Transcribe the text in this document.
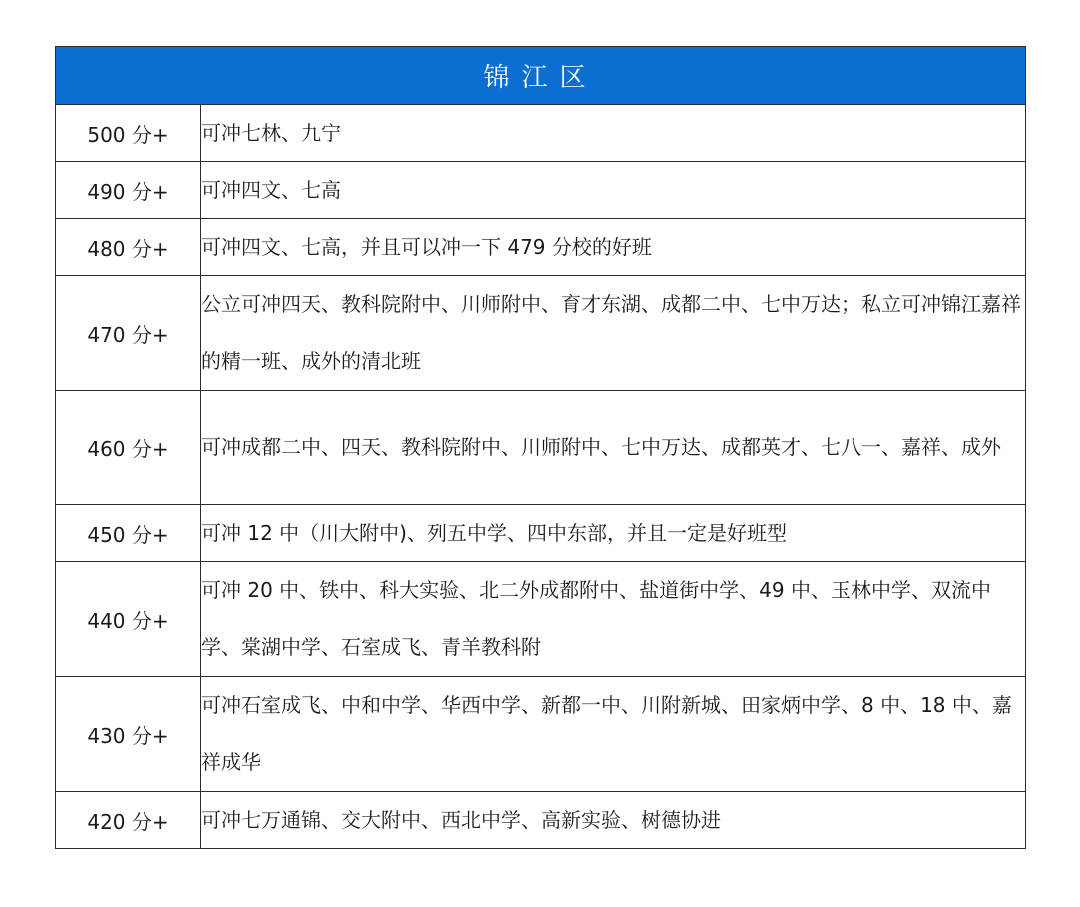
锦江区	
500 分+	可冲七林、九宁
490 分+	可冲四文、七高
480 分+	可冲四文、七高，并且可以冲一下 479 分校的好班
470 分+	公立可冲四天、教科院附中、川师附中、育才东湖、成都二中、七中万达；私立可冲锦江嘉祥的精一班、成外的清北班
460 分+	可冲成都二中、四天、教科院附中、川师附中、七中万达、成都英才、七八一、嘉祥、成外
450 分+	可冲 12 中（川大附中)、列五中学、四中东部，并且一定是好班型
440 分+	可冲 20 中、铁中、科大实验、北二外成都附中、盐道街中学、49 中、玉林中学、双流中学、棠湖中学、石室成飞、青羊教科附
430 分+	可冲石室成飞、中和中学、华西中学、新都一中、川附新城、田家炳中学、8 中、18 中、嘉祥成华
420 分+	可冲七万通锦、交大附中、西北中学、高新实验、树德协进
